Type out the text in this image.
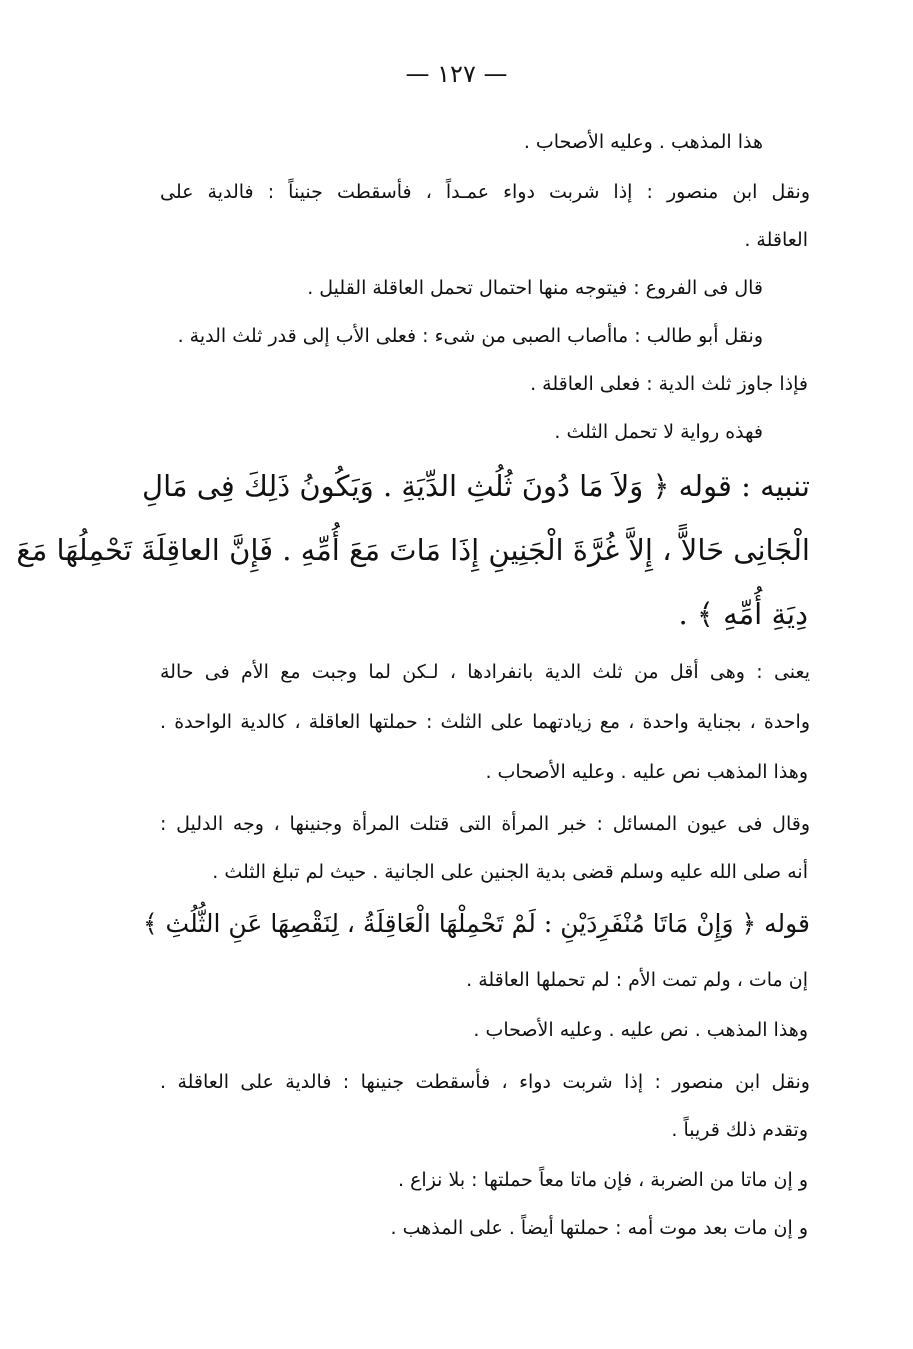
— ١٢٧ —
هذا المذهب . وعليه الأصحاب .
ونقل ابن منصور : إذا شربت دواء عمـداً ، فأسقطت جنيناً : فالدية على
العاقلة .
قال فى الفروع : فيتوجه منها احتمال تحمل العاقلة القليل .
ونقل أبو طالب : ماأصاب الصبى من شىء : فعلى الأب إلى قدر ثلث الدية .
فإذا جاوز ثلث الدية : فعلى العاقلة .
فهذه رواية لا تحمل الثلث .
تنبيه : قوله ﴿ وَلاَ مَا دُونَ ثُلُثِ الدِّيَةِ . وَيَكُونُ ذَلِكَ فِى مَالِ
الْجَانِى حَالاًّ ، إِلاَّ غُرَّةَ الْجَنِينِ إِذَا مَاتَ مَعَ أُمِّهِ . فَإِنَّ العاقِلَةَ تَحْمِلُهَا مَعَ
دِيَةِ أُمِّهِ ﴾ .
يعنى : وهى أقل من ثلث الدية بانفرادها ، لـكن لما وجبت مع الأم فى حالة
واحدة ، بجناية واحدة ، مع زيادتهما على الثلث : حملتها العاقلة ، كالدية الواحدة .
وهذا المذهب نص عليه . وعليه الأصحاب .
وقال فى عيون المسائل : خبر المرأة التى قتلت المرأة وجنينها ، وجه الدليل :
أنه صلى الله عليه وسلم قضى بدية الجنين على الجانية . حيث لم تبلغ الثلث .
قوله ﴿ وَإِنْ مَاتَا مُنْفَرِدَيْنِ : لَمْ تَحْمِلْهَا الْعَاقِلَةُ ، لِنَقْصِهَا عَنِ الثُّلُثِ ﴾
إن مات ، ولم تمت الأم : لم تحملها العاقلة .
وهذا المذهب . نص عليه . وعليه الأصحاب .
ونقل ابن منصور : إذا شربت دواء ، فأسقطت جنينها : فالدية على العاقلة .
وتقدم ذلك قريباً .
و إن ماتا من الضربة ، فإن ماتا معاً حملتها : بلا نزاع .
و إن مات بعد موت أمه : حملتها أيضاً . على المذهب .
